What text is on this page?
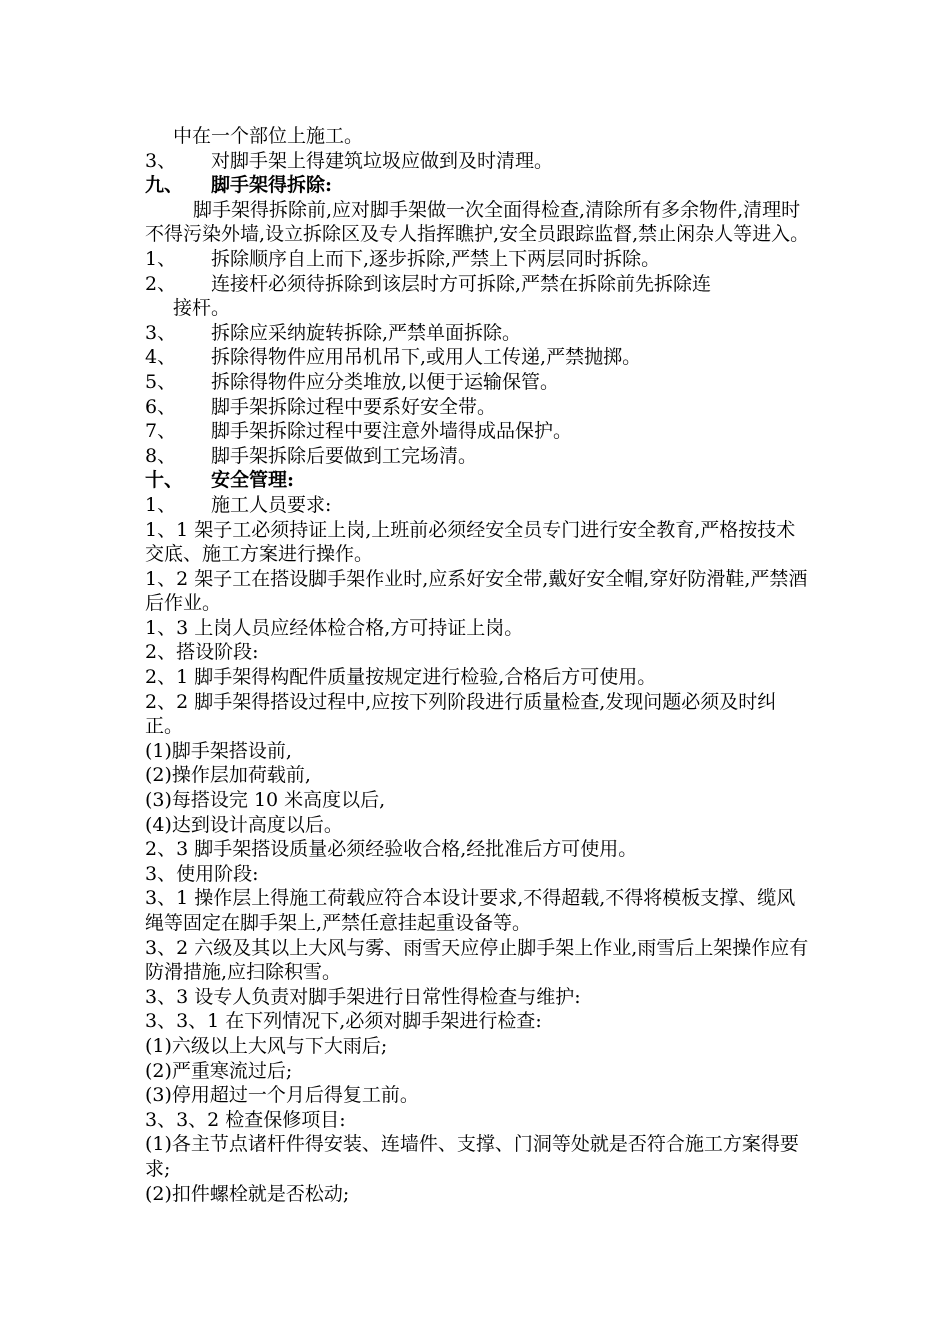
中在一个部位上施工。
3、	对脚手架上得建筑垃圾应做到及时清理。
九、	脚手架得拆除:
脚手架得拆除前,应对脚手架做一次全面得检查,清除所有多余物件,清理时不得污染外墙,设立拆除区及专人指挥瞧护,安全员跟踪监督,禁止闲杂人等进入。
1、	拆除顺序自上而下,逐步拆除,严禁上下两层同时拆除。
2、	连接杆必须待拆除到该层时方可拆除,严禁在拆除前先拆除连
接杆。
3、	拆除应采纳旋转拆除,严禁单面拆除。
4、	拆除得物件应用吊机吊下,或用人工传递,严禁抛掷。
5、	拆除得物件应分类堆放,以便于运输保管。
6、	脚手架拆除过程中要系好安全带。
7、	脚手架拆除过程中要注意外墙得成品保护。
8、	脚手架拆除后要做到工完场清。
十、	安全管理:
1、	施工人员要求:
1、1 架子工必须持证上岗,上班前必须经安全员专门进行安全教育,严格按技术交底、施工方案进行操作。
1、2 架子工在搭设脚手架作业时,应系好安全带,戴好安全帽,穿好防滑鞋,严禁酒后作业。
1、3 上岗人员应经体检合格,方可持证上岗。
2、搭设阶段:
2、1 脚手架得构配件质量按规定进行检验,合格后方可使用。
2、2 脚手架得搭设过程中,应按下列阶段进行质量检查,发现问题必须及时纠正。
(1)脚手架搭设前,
(2)操作层加荷载前,
(3)每搭设完 10 米高度以后,
(4)达到设计高度以后。
2、3 脚手架搭设质量必须经验收合格,经批准后方可使用。
3、使用阶段:
3、1 操作层上得施工荷载应符合本设计要求,不得超载,不得将模板支撑、缆风绳等固定在脚手架上,严禁任意挂起重设备等。
3、2 六级及其以上大风与雾、雨雪天应停止脚手架上作业,雨雪后上架操作应有防滑措施,应扫除积雪。
3、3 设专人负责对脚手架进行日常性得检查与维护:
3、3、1 在下列情况下,必须对脚手架进行检查:
(1)六级以上大风与下大雨后;
(2)严重寒流过后;
(3)停用超过一个月后得复工前。
3、3、2 检查保修项目:
(1)各主节点诸杆件得安装、连墙件、支撑、门洞等处就是否符合施工方案得要求;
(2)扣件螺栓就是否松动;
